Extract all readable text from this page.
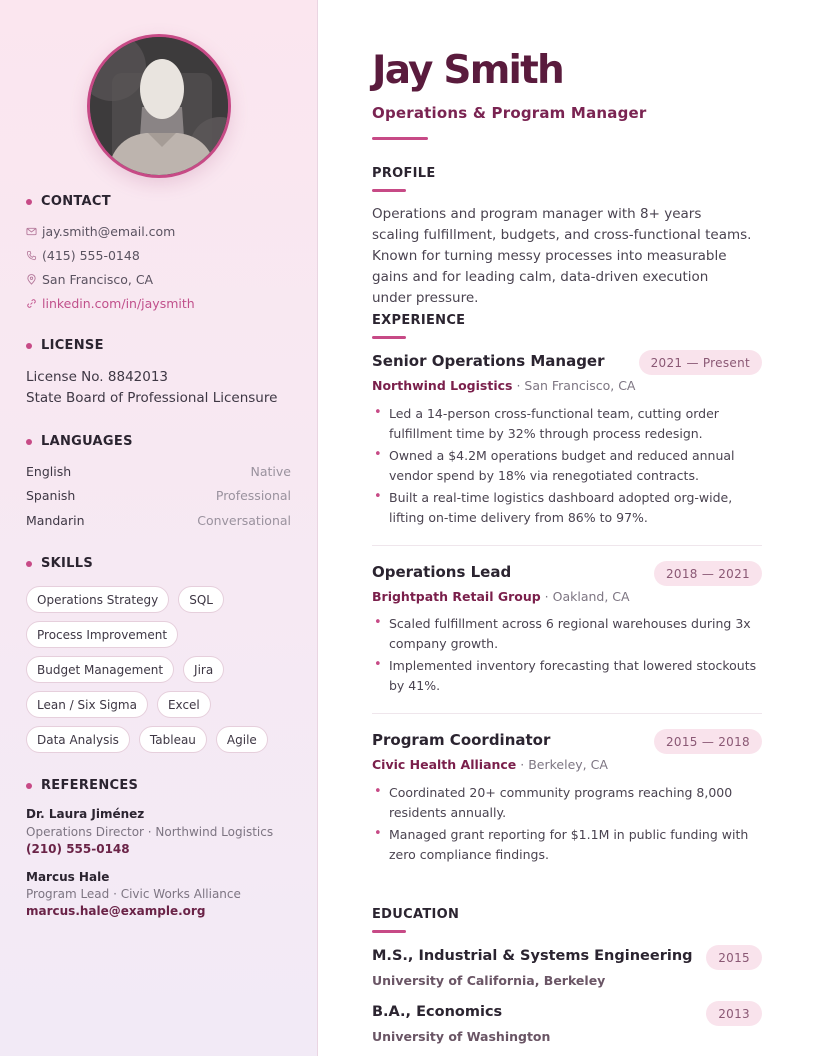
CONTACT
jay.smith@email.com
(415) 555-0148
San Francisco, CA
linkedin.com/in/jaysmith
LICENSE
License No. 8842013
State Board of Professional Licensure
LANGUAGES
English	Native
Spanish	Professional
Mandarin	Conversational
SKILLS
Operations Strategy	SQL
Process Improvement
Budget Management	Jira
Lean / Six Sigma	Excel
Data Analysis	Tableau	Agile
REFERENCES
Dr. Laura Jiménez
Operations Director · Northwind Logistics
(210) 555-0148
Marcus Hale
Program Lead · Civic Works Alliance
marcus.hale@example.org
Jay Smith
Operations & Program Manager
PROFILE
Operations and program manager with 8+ years scaling fulfillment, budgets, and cross-functional teams. Known for turning messy processes into measurable gains and for leading calm, data-driven execution under pressure.
EXPERIENCE
Senior Operations Manager	2021 — Present
Northwind Logistics · San Francisco, CA
• Led a 14-person cross-functional team, cutting order fulfillment time by 32% through process redesign.
• Owned a $4.2M operations budget and reduced annual vendor spend by 18% via renegotiated contracts.
• Built a real-time logistics dashboard adopted org-wide, lifting on-time delivery from 86% to 97%.
Operations Lead	2018 — 2021
Brightpath Retail Group · Oakland, CA
• Scaled fulfillment across 6 regional warehouses during 3x company growth.
• Implemented inventory forecasting that lowered stockouts by 41%.
Program Coordinator	2015 — 2018
Civic Health Alliance · Berkeley, CA
• Coordinated 20+ community programs reaching 8,000 residents annually.
• Managed grant reporting for $1.1M in public funding with zero compliance findings.
EDUCATION
M.S., Industrial & Systems Engineering	2015
University of California, Berkeley
B.A., Economics	2013
University of Washington
